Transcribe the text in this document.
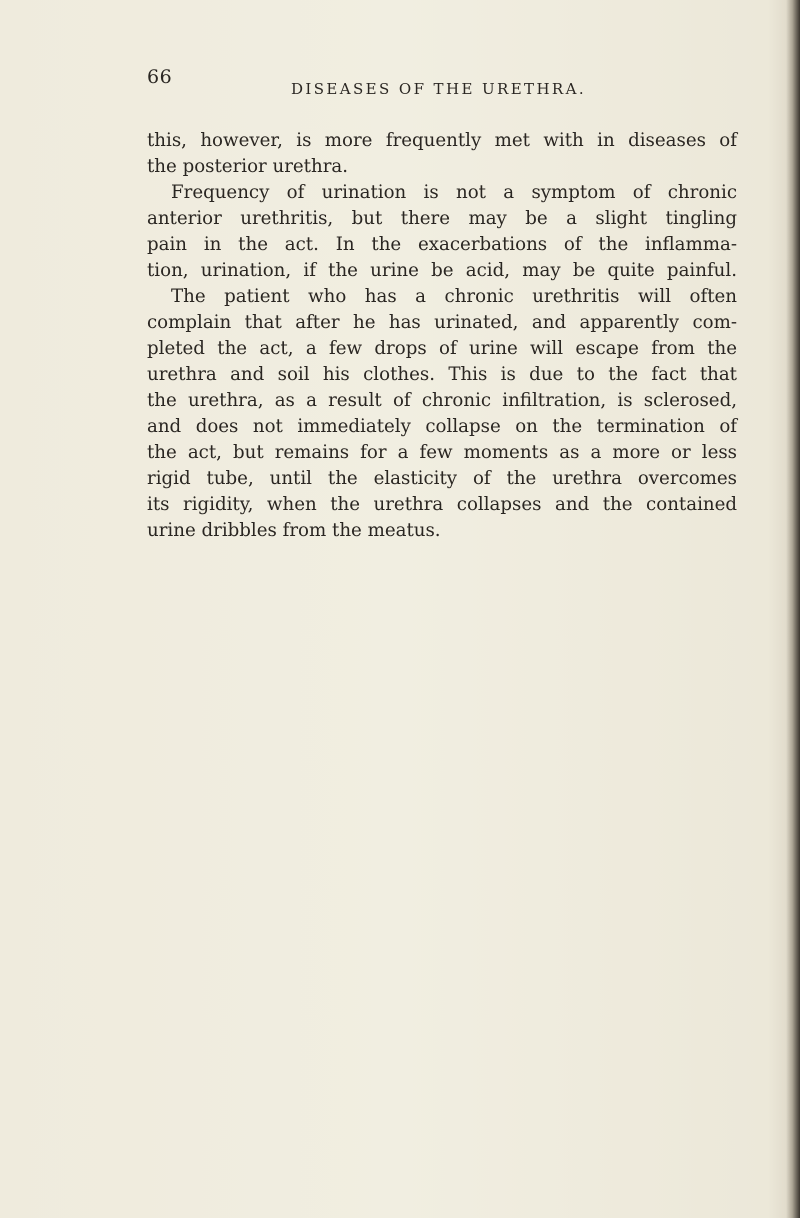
66
DISEASES OF THE URETHRA.
this, however, is more frequently met with in diseases of
the posterior urethra.
Frequency of urination is not a symptom of chronic
anterior urethritis, but there may be a slight tingling
pain in the act. In the exacerbations of the inflamma-
tion, urination, if the urine be acid, may be quite painful.
The patient who has a chronic urethritis will often
complain that after he has urinated, and apparently com-
pleted the act, a few drops of urine will escape from the
urethra and soil his clothes. This is due to the fact that
the urethra, as a result of chronic infiltration, is sclerosed,
and does not immediately collapse on the termination of
the act, but remains for a few moments as a more or less
rigid tube, until the elasticity of the urethra overcomes
its rigidity, when the urethra collapses and the contained
urine dribbles from the meatus.
